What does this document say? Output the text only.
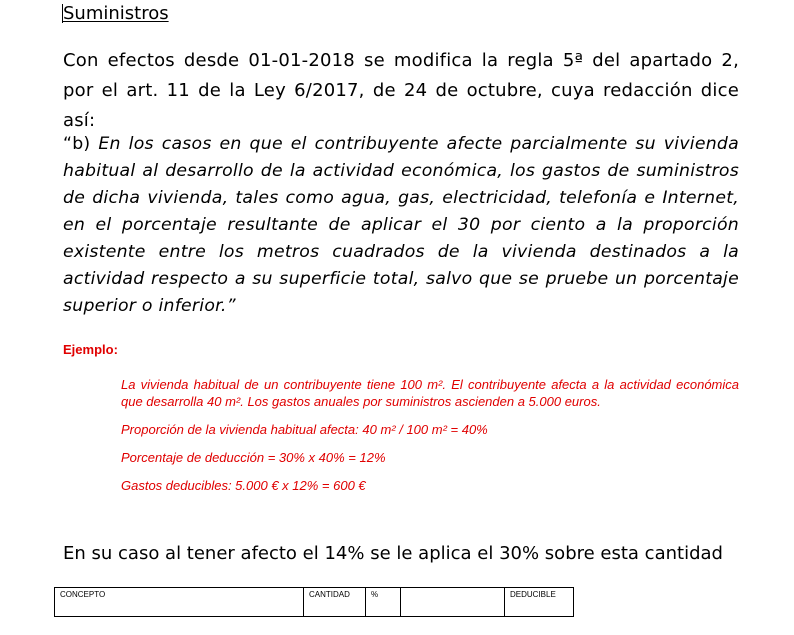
Suministros
Con efectos desde 01-01-2018 se modifica la regla 5ª del apartado 2, por el art. 11 de la Ley 6/2017, de 24 de octubre, cuya redacción dice así:
“b) En los casos en que el contribuyente afecte parcialmente su vivienda habitual al desarrollo de la actividad económica, los gastos de suministros de dicha vivienda, tales como agua, gas, electricidad, telefonía e Internet, en el porcentaje resultante de aplicar el 30 por ciento a la proporción existente entre los metros cuadrados de la vivienda destinados a la actividad respecto a su superficie total, salvo que se pruebe un porcentaje superior o inferior.”
Ejemplo:
La vivienda habitual de un contribuyente tiene 100 m². El contribuyente afecta a la actividad económica que desarrolla 40 m². Los gastos anuales por suministros ascienden a 5.000 euros.
Proporción de la vivienda habitual afecta: 40 m² / 100 m² = 40%
Porcentaje de deducción = 30% x 40% = 12%
Gastos deducibles: 5.000 € x 12% = 600 €
En su caso al tener afecto el 14% se le aplica el 30% sobre esta cantidad
CONCEPTO	CANTIDAD	%		DEDUCIBLE
